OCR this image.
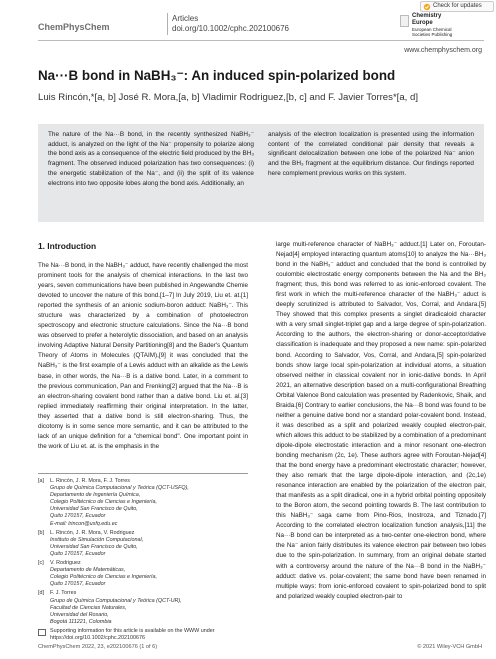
ChemPhysChem
Articles
doi.org/10.1002/cphc.202100676
Check for updates
Chemistry
Europe
European Chemical
Societies Publishing
www.chemphyschem.org
Na···B bond in NaBH₃⁻: An induced spin-polarized bond
Luis Rincón,*[a, b] José R. Mora,[a, b] Vladimir Rodriguez,[b, c] and F. Javier Torres*[a, d]
The nature of the Na···B bond, in the recently synthesized NaBH₃⁻ adduct, is analyzed on the light of the Na⁻ propensity to polarize along the bond axis as a consequence of the electric field produced by the BH₃ fragment. The observed induced polarization has two consequences: (i) the energetic stabilization of the Na⁻, and (ii) the split of its valence electrons into two opposite lobes along the bond axis. Additionally, an
analysis of the electron localization is presented using the information content of the correlated conditional pair density that reveals a significant delocalization between one lobe of the polarized Na⁻ anion and the BH₃ fragment at the equilibrium distance. Our findings reported here complement previous works on this system.
1. Introduction

The Na···B bond, in the NaBH₃⁻ adduct, have recently challenged the most prominent tools for the analysis of chemical interactions. In the last two years, seven communications have been published in Angewandte Chemie devoted to uncover the nature of this bond.[1–7] In July 2019, Liu et. at.[1] reported the synthesis of an anionic sodium-boron adduct: NaBH₃⁻. This structure was characterized by a combination of photoelectron spectroscopy and electronic structure calculations. Since the Na···B bond was observed to prefer a heterolytic dissociation, and based on an analysis involving Adaptive Natural Density Partitioning[8] and the Bader's Quantum Theory of Atoms in Molecules (QTAIM),[9] it was concluded that the NaBH₃⁻ is the first example of a Lewis adduct with an alkalide as the Lewis base, in other words, the Na···B is a dative bond. Later, in a comment to the previous communication, Pan and Frenking[2] argued that the Na···B is an electron-sharing covalent bond rather than a dative bond. Liu et. al.[3] replied immediately reaffirming their original interpretation. In the latter, they asserted that a dative bond is still electron-sharing. Thus, the dicotomy is in some sence more semantic, and it can be attributed to the lack of an unique definition for a "chemical bond". One important point in the work of Liu et. at. is the emphasis in the

large multi-reference character of NaBH₃⁻ adduct.[1] Later on, Foroutan-Nejad[4] employed interacting quantum atoms[10] to analyze the Na···BH₃ bond in the NaBH₃⁻ adduct and concluded that the bond is controlled by coulombic electrostatic energy components between the Na and the BH₃ fragment; thus, this bond was referred to as ionic-enforced covalent. The first work in which the multi-reference character of the NaBH₃⁻ aduct is deeply scrutinized is attributed to Salvador, Vos, Corral, and Andara.[5] They showed that this complex presents a singlet diradicaloid character with a very small singlet-triplet gap and a large degree of spin-polarization. According to the authors, the electron-sharing or donor-acceptor/dative classification is inadequate and they proposed a new name: spin-polarized bond. According to Salvador, Vos, Corral, and Andara,[5] spin-polarized bonds show large local spin-polarization at individual atoms, a situation observed neither in classical covalent nor in ionic-dative bonds. In April 2021, an alternative description based on a multi-configurational Breathing Orbital Valence Bond calculation was presented by Radenkovic, Shaik, and Braida.[6] Contrary to earlier conclusions, the Na···B bond was found to be neither a genuine dative bond nor a standard polar-covalent bond. Instead, it was described as a split and polarized weakly coupled electron-pair, which allows this adduct to be stabilized by a combination of a predominant dipole-dipole electrostatic interaction and a minor resonant one-electron bonding mechanism (2c, 1e). These authors agree with Foroutan-Nejad[4] that the bond energy have a predominant electrostatic character; however, they also remark that the large dipole-dipole interaction, and (2c,1e) resonance interaction are enabled by the polarization of the electron pair, that manifests as a split diradical, one in a hybrid orbital pointing oppositely to the Boron atom, the second pointing towards B. The last contribution to this NaBH₃⁻ saga came from Pino-Rios, Inostroza, and Tiznado.[7] According to the correlated electron localization function analysis,[11] the Na···B bond can be interpreted as a two-center one-electron bond, where the Na⁻ anion fairly distributes its valence electron pair between two lobes due to the spin-polarization. In summary, from an original debate started with a controversy around the nature of the Na···B bond in the NaBH₃⁻ adduct: dative vs. polar-covalent; the same bond have been renamed in multiple ways: from ionic-enforced covalent to spin-polarized bond to split and polarized weakly coupled electron-pair to

[a]	L. Rincón, J. R. Mora, F. J. Torres
Grupo de Química Computacional y Teórica (QCT-USFQ),
Departamento de Ingeniería Química,
Colegio Politécnico de Ciencias e Ingeniería,
Universidad San Francisco de Quito,
Quito 170157, Ecuador
E-mail: lrincon@usfq.edu.ec
[b]	L. Rincón, J. R. Mora, V. Rodriguez
Instituto de Simulación Computacional,
Universidad San Francisco de Quito,
Quito 170157, Ecuador
[c]	V. Rodriguez
Departamento de Matemáticas,
Colegio Politécnico de Ciencias e Ingeniería,
Quito 170157, Ecuador
[d]	F. J. Torres
Grupo de Química Computacional y Teórica (QCT-UR),
Facultad de Ciencias Naturales,
Universidad del Rosario,
Bogotá 111221, Colombia
Supporting information for this article is available on the WWW under https://doi.org/10.1002/cphc.202100676
ChemPhysChem 2022, 23, e202100676 (1 of 6)	© 2021 Wiley-VCH GmbH
